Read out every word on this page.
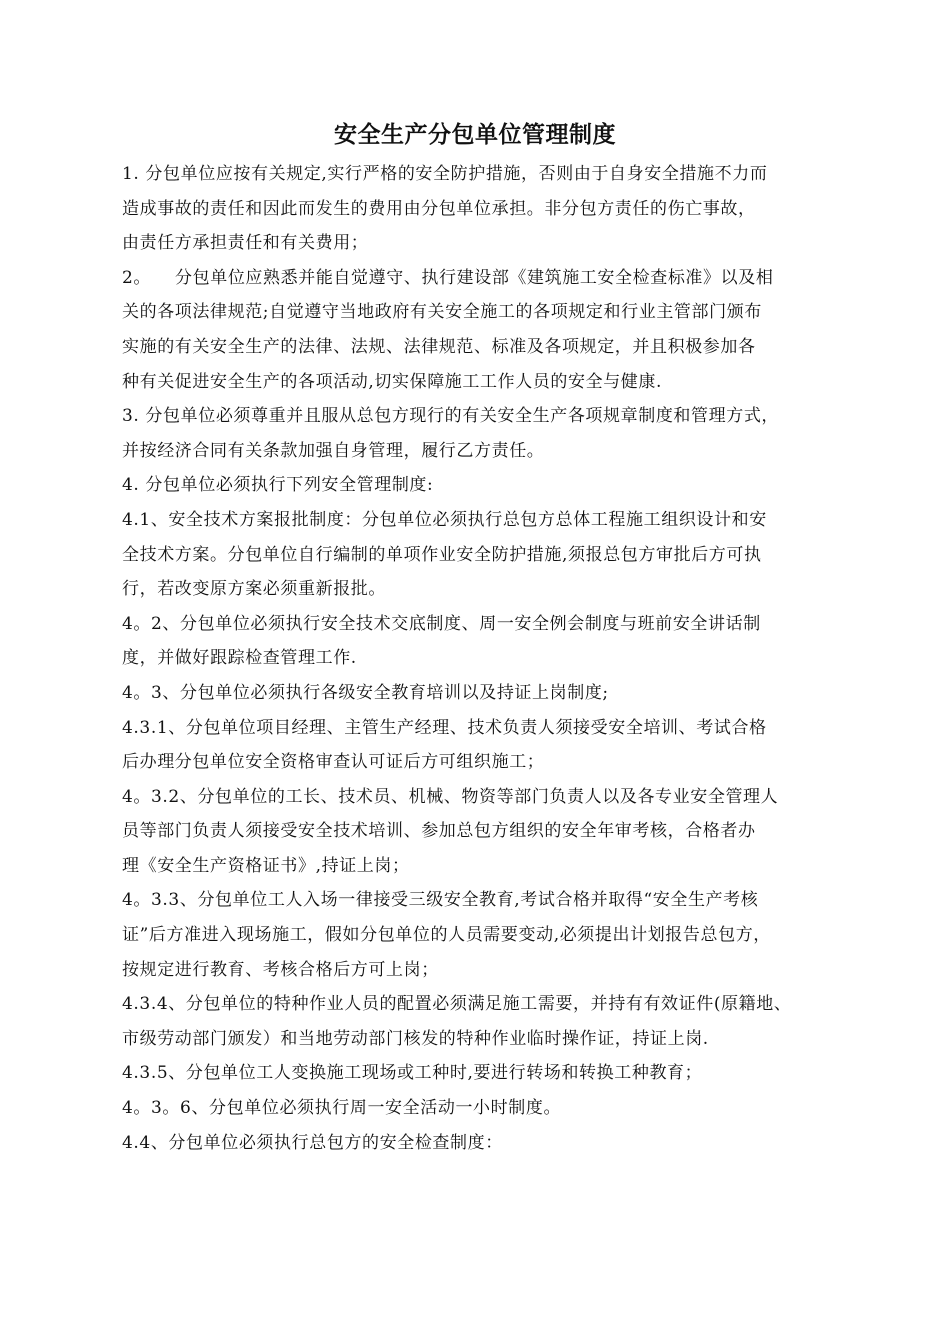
安全生产分包单位管理制度
1. 分包单位应按有关规定,实行严格的安全防护措施，否则由于自身安全措施不力而
造成事故的责任和因此而发生的费用由分包单位承担。非分包方责任的伤亡事故，
由责任方承担责任和有关费用；
2。    分包单位应熟悉并能自觉遵守、执行建设部《建筑施工安全检查标准》以及相
关的各项法律规范;自觉遵守当地政府有关安全施工的各项规定和行业主管部门颁布
实施的有关安全生产的法律、法规、法律规范、标准及各项规定，并且积极参加各
种有关促进安全生产的各项活动,切实保障施工工作人员的安全与健康.
3. 分包单位必须尊重并且服从总包方现行的有关安全生产各项规章制度和管理方式，
并按经济合同有关条款加强自身管理，履行乙方责任。
4. 分包单位必须执行下列安全管理制度:
4.1、安全技术方案报批制度：分包单位必须执行总包方总体工程施工组织设计和安
全技术方案。分包单位自行编制的单项作业安全防护措施,须报总包方审批后方可执
行，若改变原方案必须重新报批。
4。2、分包单位必须执行安全技术交底制度、周一安全例会制度与班前安全讲话制
度，并做好跟踪检查管理工作.
4。3、分包单位必须执行各级安全教育培训以及持证上岗制度;
4.3.1、分包单位项目经理、主管生产经理、技术负责人须接受安全培训、考试合格
后办理分包单位安全资格审查认可证后方可组织施工；
4。3.2、分包单位的工长、技术员、机械、物资等部门负责人以及各专业安全管理人
员等部门负责人须接受安全技术培训、参加总包方组织的安全年审考核，合格者办
理《安全生产资格证书》,持证上岗；
4。3.3、分包单位工人入场一律接受三级安全教育,考试合格并取得“安全生产考核
证”后方准进入现场施工，假如分包单位的人员需要变动,必须提出计划报告总包方，
按规定进行教育、考核合格后方可上岗；
4.3.4、分包单位的特种作业人员的配置必须满足施工需要，并持有有效证件(原籍地、
市级劳动部门颁发）和当地劳动部门核发的特种作业临时操作证，持证上岗.
4.3.5、分包单位工人变换施工现场或工种时,要进行转场和转换工种教育；
4。3。6、分包单位必须执行周一安全活动一小时制度。
4.4、分包单位必须执行总包方的安全检查制度：
